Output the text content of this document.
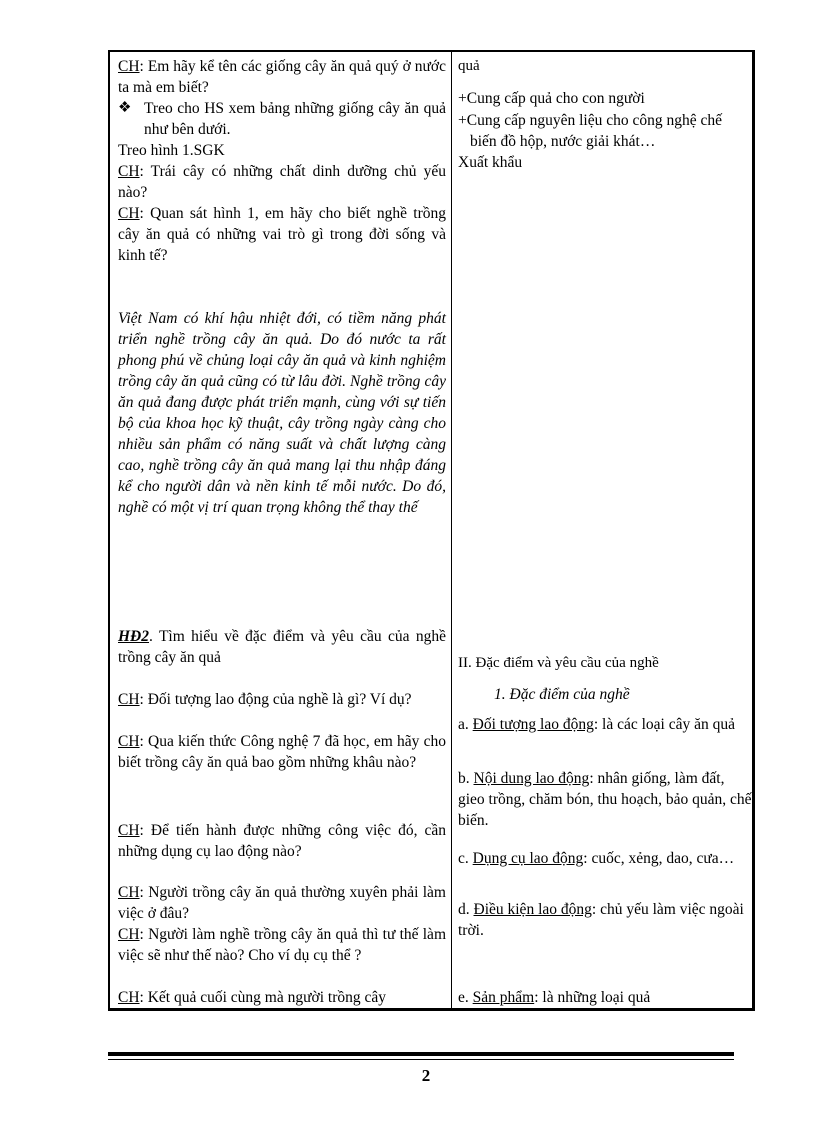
CH: Em hãy kể tên các giống cây ăn quả quý ở nước ta mà em biết?

❖ Treo cho HS xem bảng những giống cây ăn quả như bên dưới.

Treo hình 1.SGK

CH: Trái cây có những chất dinh dưỡng chủ yếu nào?

CH: Quan sát hình 1, em hãy cho biết nghề trồng cây ăn quả có những vai trò gì trong đời sống và kinh tế?

Việt Nam có khí hậu nhiệt đới, có tiềm năng phát triển nghề trồng cây ăn quả. Do đó nước ta rất phong phú về chủng loại cây ăn quả và kinh nghiệm trồng cây ăn quả cũng có từ lâu đời. Nghề trồng cây ăn quả đang được phát triển mạnh, cùng với sự tiến bộ của khoa học kỹ thuật, cây trồng ngày càng cho nhiều sản phẩm có năng suất và chất lượng càng cao, nghề trồng cây ăn quả mang lại thu nhập đáng kể cho người dân và nền kinh tế mỗi nước. Do đó, nghề có một vị trí quan trọng không thể thay thế

HĐ2. Tìm hiểu về đặc điểm và yêu cầu của nghề trồng cây ăn quả

CH: Đối tượng lao động của nghề là gì? Ví dụ?

CH: Qua kiến thức Công nghệ 7 đã học, em hãy cho biết trồng cây ăn quả bao gồm những khâu nào?

CH: Để tiến hành được những công việc đó, cần những dụng cụ lao động nào?

CH: Người trồng cây ăn quả thường xuyên phải làm việc ở đâu?

CH: Người làm nghề trồng cây ăn quả thì tư thế làm việc sẽ như thế nào? Cho ví dụ cụ thể ?

CH: Kết quả cuối cùng mà người trồng cây

quả

+Cung cấp quả cho con người

+Cung cấp nguyên liệu cho công nghệ chế biến đồ hộp, nước giải khát…

Xuất khẩu

II. Đặc điểm và yêu cầu của nghề

1. Đặc điểm của nghề

a. Đối tượng lao động: là các loại cây ăn quả

b. Nội dung lao động: nhân giống, làm đất, gieo trồng, chăm bón, thu hoạch, bảo quản, chế biến.

c. Dụng cụ lao động: cuốc, xẻng, dao, cưa…

d. Điều kiện lao động: chủ yếu làm việc ngoài trời.

e. Sản phẩm: là những loại quả

2
